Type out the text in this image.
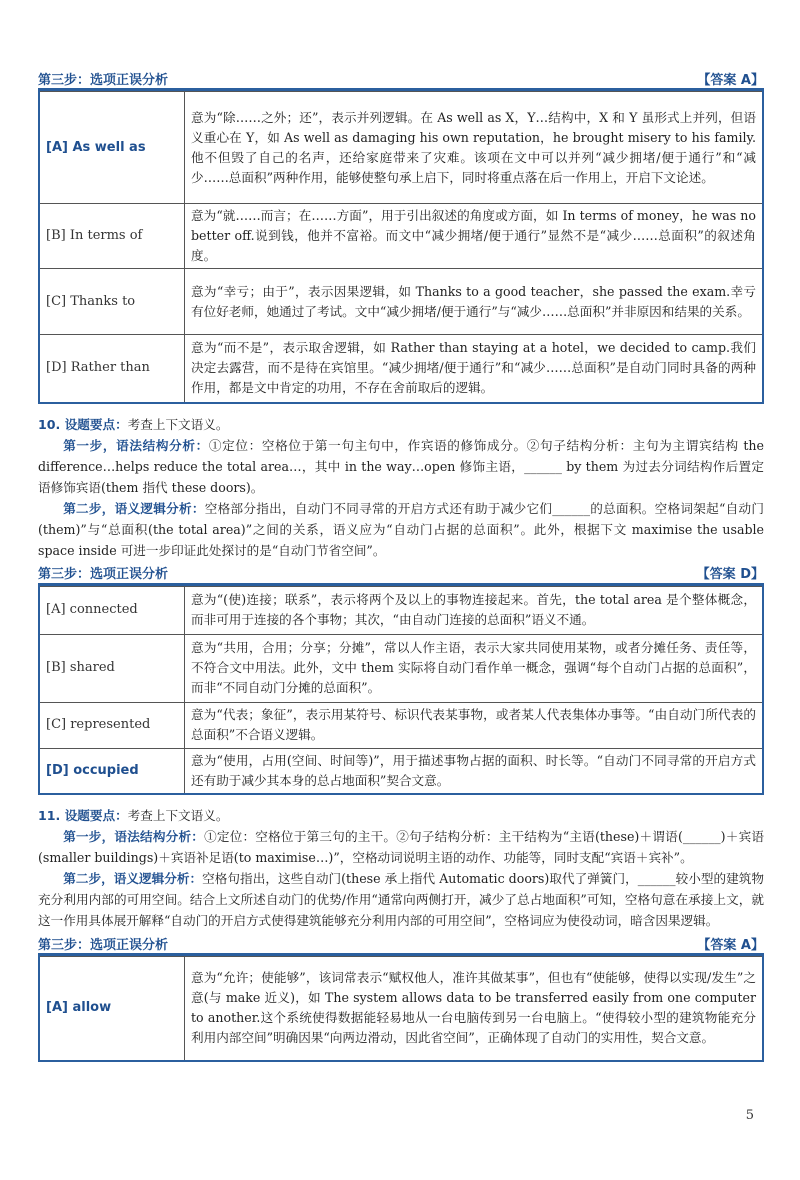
第三步：选项正误分析	【答案 A】
[A] As well as	意为“除……之外；还”，表示并列逻辑。在 As well as X，Y…结构中，X 和 Y 虽形式上并列，但语义重心在 Y，如 As well as damaging his own reputation，he brought misery to his family.他不但毁了自己的名声，还给家庭带来了灾难。该项在文中可以并列“减少拥堵/便于通行”和“减少……总面积”两种作用，能够使整句承上启下，同时将重点落在后一作用上，开启下文论述。
[B] In terms of	意为“就……而言；在……方面”，用于引出叙述的角度或方面，如 In terms of money，he was no better off.说到钱，他并不富裕。而文中“减少拥堵/便于通行”显然不是“减少……总面积”的叙述角度。
[C] Thanks to	意为“幸亏；由于”，表示因果逻辑，如 Thanks to a good teacher，she passed the exam.幸亏有位好老师，她通过了考试。文中“减少拥堵/便于通行”与“减少……总面积”并非原因和结果的关系。
[D] Rather than	意为“而不是”，表示取舍逻辑，如 Rather than staying at a hotel，we decided to camp.我们决定去露营，而不是待在宾馆里。“减少拥堵/便于通行”和“减少……总面积”是自动门同时具备的两种作用，都是文中肯定的功用，不存在舍前取后的逻辑。
10. 设题要点：考查上下文语义。

第一步，语法结构分析：①定位：空格位于第一句主句中，作宾语的修饰成分。②句子结构分析：主句为主谓宾结构 the difference…helps reduce the total area…，其中 in the way…open 修饰主语，______ by them 为过去分词结构作后置定语修饰宾语(them 指代 these doors)。

第二步，语义逻辑分析：空格部分指出，自动门不同寻常的开启方式还有助于减少它们______的总面积。空格词架起“自动门(them)”与“总面积(the total area)”之间的关系，语义应为“自动门占据的总面积”。此外，根据下文 maximise the usable space inside 可进一步印证此处探讨的是“自动门节省空间”。

第三步：选项正误分析	【答案 D】
[A] connected	意为“(使)连接；联系”，表示将两个及以上的事物连接起来。首先，the total area 是个整体概念，而非可用于连接的各个事物；其次，“由自动门连接的总面积”语义不通。
[B] shared	意为“共用，合用；分享；分摊”，常以人作主语，表示大家共同使用某物，或者分摊任务、责任等，不符合文中用法。此外，文中 them 实际将自动门看作单一概念，强调“每个自动门占据的总面积”，而非“不同自动门分摊的总面积”。
[C] represented	意为“代表；象征”，表示用某符号、标识代表某事物，或者某人代表集体办事等。“由自动门所代表的总面积”不合语义逻辑。
[D] occupied	意为“使用，占用(空间、时间等)”，用于描述事物占据的面积、时长等。“自动门不同寻常的开启方式还有助于减少其本身的总占地面积”契合文意。
11. 设题要点：考查上下文语义。

第一步，语法结构分析：①定位：空格位于第三句的主干。②句子结构分析：主干结构为“主语(these)＋谓语(______)＋宾语(smaller buildings)＋宾语补足语(to maximise…)”，空格动词说明主语的动作、功能等，同时支配“宾语＋宾补”。

第二步，语义逻辑分析：空格句指出，这些自动门(these 承上指代 Automatic doors)取代了弹簧门，______较小型的建筑物充分利用内部的可用空间。结合上文所述自动门的优势/作用“通常向两侧打开，减少了总占地面积”可知，空格句意在承接上文，就这一作用具体展开解释“自动门的开启方式使得建筑能够充分利用内部的可用空间”，空格词应为使役动词，暗含因果逻辑。

第三步：选项正误分析	【答案 A】
[A] allow	意为“允许；使能够”，该词常表示“赋权他人，准许其做某事”，但也有“使能够，使得以实现/发生”之意(与 make 近义)，如 The system allows data to be transferred easily from one computer to another.这个系统使得数据能轻易地从一台电脑传到另一台电脑上。“使得较小型的建筑物能充分利用内部空间”明确因果“向两边滑动，因此省空间”，正确体现了自动门的实用性，契合文意。
5
